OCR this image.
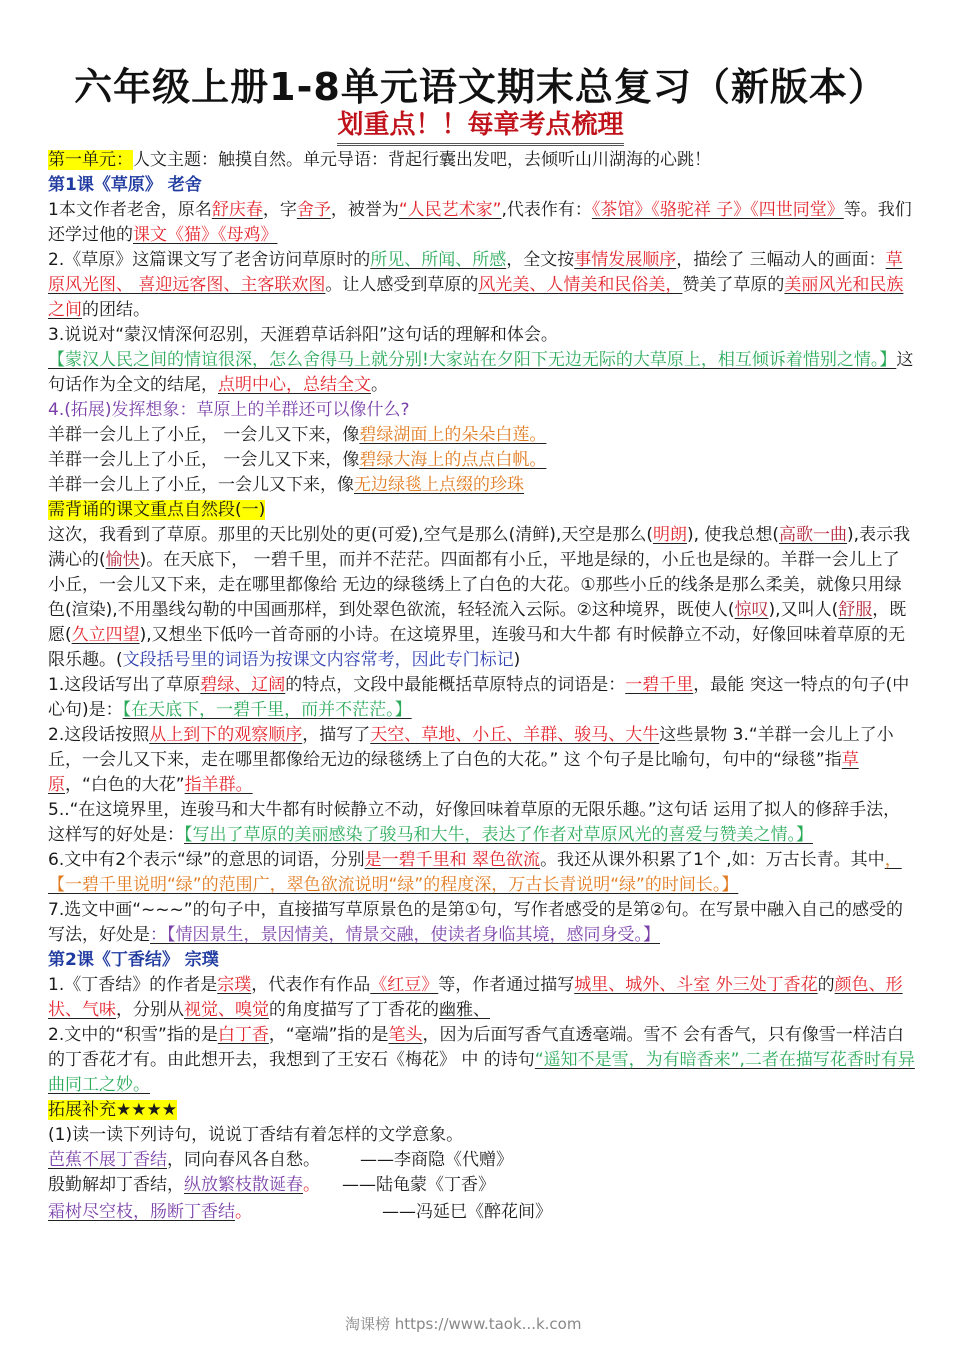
六年级上册1-8单元语文期末总复习（新版本）
划重点！！每章考点梳理

第一单元：人文主题：触摸自然。单元导语：背起行囊出发吧，去倾听山川湖海的心跳！

第1课《草原》 老舍

1本文作者老舍，原名舒庆春，字舍予，被誉为“人民艺术家”,代表作有：《茶馆》《骆驼祥 子》《四世同堂》等。我们还学过他的课文《猫》《母鸡》

2.《草原》这篇课文写了老舍访问草原时的所见、所闻、所感，全文按事情发展顺序，描绘了 三幅动人的画面：草原风光图、 喜迎远客图、主客联欢图。让人感受到草原的风光美、人情美和民俗美，赞美了草原的美丽风光和民族之间的团结。

3.说说对“蒙汉情深何忍别，天涯碧草话斜阳”这句话的理解和体会。
【蒙汉人民之间的情谊很深，怎么舍得马上就分别!大家站在夕阳下无边无际的大草原上，相互倾诉着惜别之情。】这句话作为全文的结尾，点明中心，总结全文。

4.(拓展)发挥想象：草原上的羊群还可以像什么?

羊群一会儿上了小丘， 一会儿又下来，像碧绿湖面上的朵朵白莲。

羊群一会儿上了小丘， 一会儿又下来，像碧绿大海上的点点白帆。

羊群一会儿上了小丘，一会儿又下来，像无边绿毯上点缀的珍珠

需背诵的课文重点自然段(一)

这次，我看到了草原。那里的天比别处的更(可爱),空气是那么(清鲜),天空是那么(明朗), 使我总想(高歌一曲),表示我满心的(愉快)。在天底下， 一碧千里，而并不茫茫。四面都有小丘，平地是绿的，小丘也是绿的。羊群一会儿上了小丘，一会儿又下来，走在哪里都像给 无边的绿毯绣上了白色的大花。①那些小丘的线条是那么柔美，就像只用绿色(渲染),不用墨线勾勒的中国画那样，到处翠色欲流，轻轻流入云际。②这种境界，既使人(惊叹),又叫人(舒服，既愿(久立四望),又想坐下低吟一首奇丽的小诗。在这境界里，连骏马和大牛都 有时候静立不动，好像回味着草原的无限乐趣。(文段括号里的词语为按课文内容常考，因此专门标记)

1.这段话写出了草原碧绿、辽阔的特点，文段中最能概括草原特点的词语是：一碧千里，最能 突这一特点的句子(中心句)是：【在天底下，一碧千里，而并不茫茫。】

2.这段话按照从上到下的观察顺序，描写了天空、草地、小丘、羊群、骏马、大牛这些景物 3.“羊群一会儿上了小丘，一会儿又下来，走在哪里都像给无边的绿毯绣上了白色的大花。” 这 个句子是比喻句，句中的“绿毯”指草原，“白色的大花”指羊群。

5..“在这境界里，连骏马和大牛都有时候静立不动，好像回味着草原的无限乐趣。”这句话 运用了拟人的修辞手法，这样写的好处是：【写出了草原的美丽感染了骏马和大牛，表达了作者对草原风光的喜爱与赞美之情。】

6.文中有2个表示“绿”的意思的词语，分别是一碧千里和 翠色欲流。我还从课外积累了1个 ,如：万古长青。其中，【一碧千里说明“绿”的范围广，翠色欲流说明“绿”的程度深，万古长青说明“绿”的时间长。】

7.选文中画“~~~”的句子中，直接描写草原景色的是第①句，写作者感受的是第②句。在写景中融入自己的感受的写法，好处是：【情因景生，景因情美，情景交融，使读者身临其境，感同身受。】

第2课《丁香结》 宗璞

1.《丁香结》的作者是宗璞，代表作有作品《红豆》等，作者通过描写城里、城外、斗室 外三处丁香花的颜色、形状、气味，分别从视觉、嗅觉的角度描写了丁香花的幽雅、

2.文中的“积雪”指的是白丁香，“毫端”指的是笔头，因为后面写香气直透毫端。雪不 会有香气，只有像雪一样洁白的丁香花才有。由此想开去，我想到了王安石《梅花》 中 的诗句“遥知不是雪，为有暗香来”,二者在描写花香时有异曲同工之妙。

拓展补充★★★★

(1)读一读下列诗句，说说丁香结有着怎样的文学意象。

芭蕉不展丁香结，同向春风各自愁。 ——李商隐《代赠》

殷勤解却丁香结，纵放繁枝散诞春。 ——陆龟蒙《丁香》

霜树尽空枝，肠断丁香结。	——冯延巳《醉花间》

淘课榜 https://www.taok...k.com
